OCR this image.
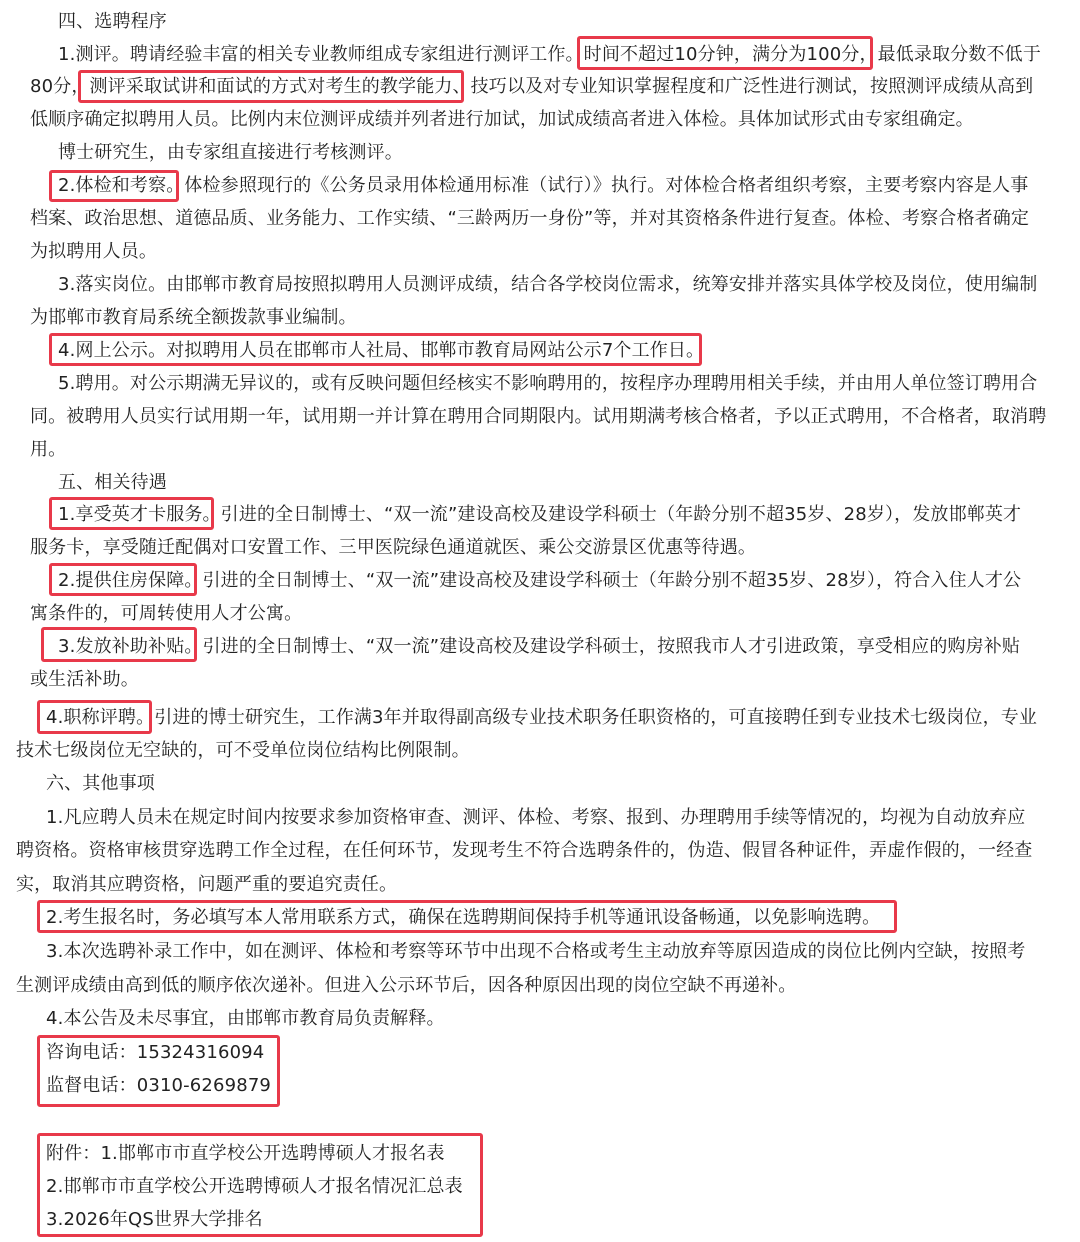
四、选聘程序
1.测评。聘请经验丰富的相关专业教师组成专家组进行测评工作。时间不超过10分钟，满分为100分，最低录取分数不低于
80分，测评采取试讲和面试的方式对考生的教学能力、技巧以及对专业知识掌握程度和广泛性进行测试，按照测评成绩从高到
低顺序确定拟聘用人员。比例内末位测评成绩并列者进行加试，加试成绩高者进入体检。具体加试形式由专家组确定。
博士研究生，由专家组直接进行考核测评。
2.体检和考察。体检参照现行的《公务员录用体检通用标准（试行）》执行。对体检合格者组织考察，主要考察内容是人事
档案、政治思想、道德品质、业务能力、工作实绩、“三龄两历一身份”等，并对其资格条件进行复查。体检、考察合格者确定
为拟聘用人员。
3.落实岗位。由邯郸市教育局按照拟聘用人员测评成绩，结合各学校岗位需求，统筹安排并落实具体学校及岗位，使用编制
为邯郸市教育局系统全额拨款事业编制。
4.网上公示。对拟聘用人员在邯郸市人社局、邯郸市教育局网站公示7个工作日。
5.聘用。对公示期满无异议的，或有反映问题但经核实不影响聘用的，按程序办理聘用相关手续，并由用人单位签订聘用合
同。被聘用人员实行试用期一年，试用期一并计算在聘用合同期限内。试用期满考核合格者，予以正式聘用，不合格者，取消聘
用。
五、相关待遇
1.享受英才卡服务。引进的全日制博士、“双一流”建设高校及建设学科硕士（年龄分别不超35岁、28岁），发放邯郸英才
服务卡，享受随迁配偶对口安置工作、三甲医院绿色通道就医、乘公交游景区优惠等待遇。
2.提供住房保障。引进的全日制博士、“双一流”建设高校及建设学科硕士（年龄分别不超35岁、28岁），符合入住人才公
寓条件的，可周转使用人才公寓。
3.发放补助补贴。引进的全日制博士、“双一流”建设高校及建设学科硕士，按照我市人才引进政策，享受相应的购房补贴
或生活补助。
4.职称评聘。引进的博士研究生，工作满3年并取得副高级专业技术职务任职资格的，可直接聘任到专业技术七级岗位，专业
技术七级岗位无空缺的，可不受单位岗位结构比例限制。
六、其他事项
1.凡应聘人员未在规定时间内按要求参加资格审查、测评、体检、考察、报到、办理聘用手续等情况的，均视为自动放弃应
聘资格。资格审核贯穿选聘工作全过程，在任何环节，发现考生不符合选聘条件的，伪造、假冒各种证件，弄虚作假的，一经查
实，取消其应聘资格，问题严重的要追究责任。
2.考生报名时，务必填写本人常用联系方式，确保在选聘期间保持手机等通讯设备畅通，以免影响选聘。
3.本次选聘补录工作中，如在测评、体检和考察等环节中出现不合格或考生主动放弃等原因造成的岗位比例内空缺，按照考
生测评成绩由高到低的顺序依次递补。但进入公示环节后，因各种原因出现的岗位空缺不再递补。
4.本公告及未尽事宜，由邯郸市教育局负责解释。
咨询电话：15324316094
监督电话：0310-6269879
附件：1.邯郸市市直学校公开选聘博硕人才报名表
2.邯郸市市直学校公开选聘博硕人才报名情况汇总表
3.2026年QS世界大学排名
